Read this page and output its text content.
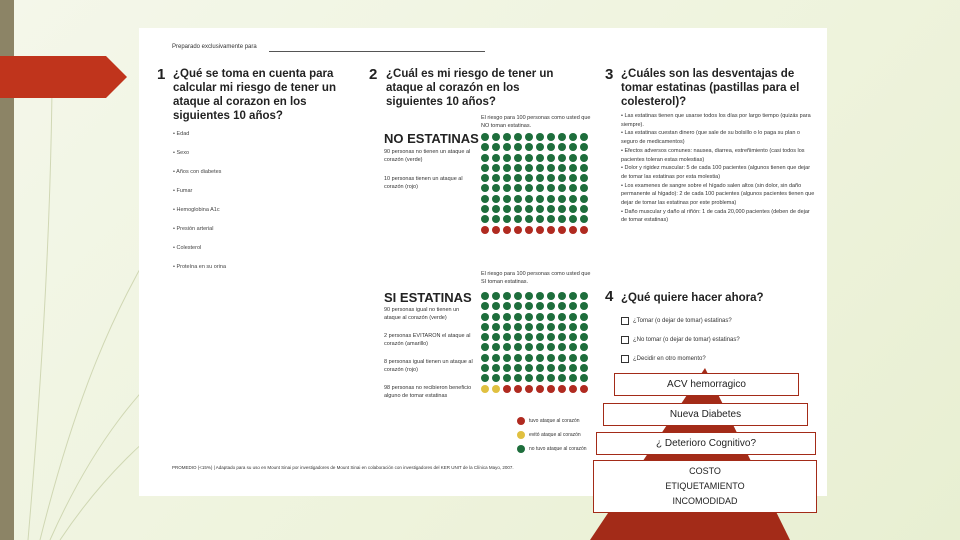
Preparado exclusivamente para
1 ¿Qué se toma en cuenta para calcular mi riesgo de tener un ataque al corazon en los siguientes 10 años?
• Edad
• Sexo
• Años con diabetes
• Fumar
• Hemoglobina A1c
• Presión arterial
• Colesterol
• Proteína en su orina
2 ¿Cuál es mi riesgo de tener un ataque al corazón en los siguientes 10 años?
El riesgo para 100 personas como usted que NO toman estatinas.
NO ESTATINAS
90 personas no tienen un ataque al corazón (verde)
10 personas tienen un ataque al corazón (rojo)
El riesgo para 100 personas como usted que SI toman estatinas.
SI ESTATINAS
90 personas igual no tienen un ataque al corazón (verde)
2 personas EVITARON el ataque al corazón (amarillo)
8 personas igual tienen un ataque al corazón (rojo)
98 personas no recibieron beneficio alguno de tomar estatinas
tuvo ataque al corazón
evitó ataque al corazón
no tuvo ataque al corazón
3 ¿Cuáles son las desventajas de tomar estatinas (pastillas para el colesterol)?
• Las estatinas tienen que usarse todos los días por largo tiempo (quizás para siempre).
• Las estatinas cuestan dinero (que sale de su bolsillo o lo paga su plan o seguro de medicamentos)
• Efectos adversos comunes: nausea, diarrea, estreñimiento (casi todos los pacientes toleran estas molestias)
• Dolor y rigidez muscular: 5 de cada 100 pacientes (algunos tienen que dejar de tomar las estatinas por esta molestia)
• Los examenes de sangre sobre el hígado salen altos (sin dolor, sin daño permanente al hígado): 2 de cada 100 pacientes (algunos pacientes tienen que dejar de tomar las estatinas por este problema)
• Daño muscular y daño al riñón: 1 de cada 20,000 pacientes (deben de dejar de tomar estatinas)
4 ¿Qué quiere hacer ahora?
¿Tomar (o dejar de tomar) estatinas?
¿No tomar (o dejar de tomar) estatinas?
¿Decidir en otro momento?
PROMEDIO (<15%) | Adaptado para su uso en Mount Sinai por investigadores de Mount Sinai en colaboración con investigadores del KER UNIT de la Clínica Mayo, 2007.
ACV hemorragico
Nueva Diabetes
¿ Deterioro Cognitivo?
COSTO
ETIQUETAMIENTO
INCOMODIDAD
